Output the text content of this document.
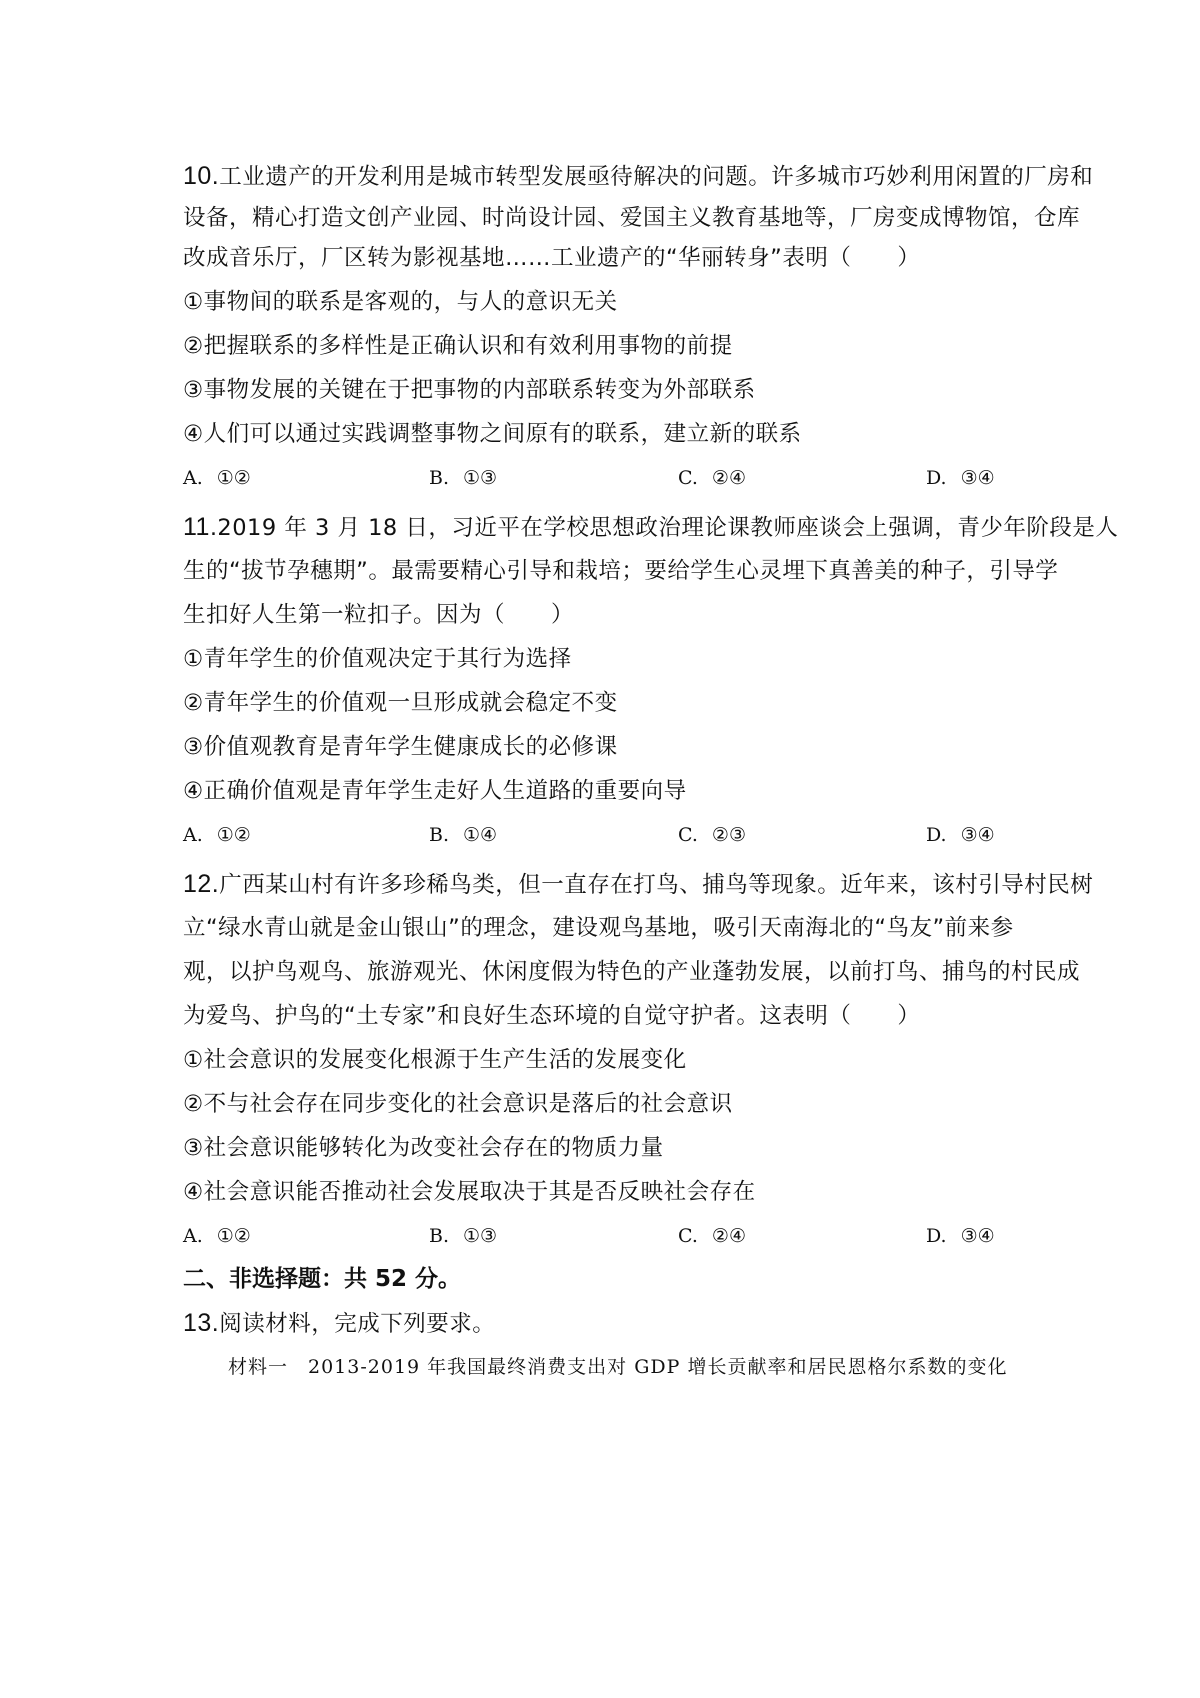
10.工业遗产的开发利用是城市转型发展亟待解决的问题。许多城市巧妙利用闲置的厂房和
设备，精心打造文创产业园、时尚设计园、爱国主义教育基地等，厂房变成博物馆，仓库
改成音乐厅，厂区转为影视基地……工业遗产的“华丽转身”表明（　　）
①事物间的联系是客观的，与人的意识无关
②把握联系的多样性是正确认识和有效利用事物的前提
③事物发展的关键在于把事物的内部联系转变为外部联系
④人们可以通过实践调整事物之间原有的联系，建立新的联系
A. ①②	B. ①③	C. ②④	D. ③④
11.2019 年 3 月 18 日，习近平在学校思想政治理论课教师座谈会上强调，青少年阶段是人
生的“拔节孕穗期”。最需要精心引导和栽培；要给学生心灵埋下真善美的种子，引导学
生扣好人生第一粒扣子。因为（　　）
①青年学生的价值观决定于其行为选择
②青年学生的价值观一旦形成就会稳定不变
③价值观教育是青年学生健康成长的必修课
④正确价值观是青年学生走好人生道路的重要向导
A. ①②	B. ①④	C. ②③	D. ③④
12.广西某山村有许多珍稀鸟类，但一直存在打鸟、捕鸟等现象。近年来，该村引导村民树
立“绿水青山就是金山银山”的理念，建设观鸟基地，吸引天南海北的“鸟友”前来参
观，以护鸟观鸟、旅游观光、休闲度假为特色的产业蓬勃发展，以前打鸟、捕鸟的村民成
为爱鸟、护鸟的“土专家”和良好生态环境的自觉守护者。这表明（　　）
①社会意识的发展变化根源于生产生活的发展变化
②不与社会存在同步变化的社会意识是落后的社会意识
③社会意识能够转化为改变社会存在的物质力量
④社会意识能否推动社会发展取决于其是否反映社会存在
A. ①②	B. ①③	C. ②④	D. ③④
二、非选择题：共 52 分。
13.阅读材料，完成下列要求。
材料一　2013-2019 年我国最终消费支出对 GDP 增长贡献率和居民恩格尔系数的变化
